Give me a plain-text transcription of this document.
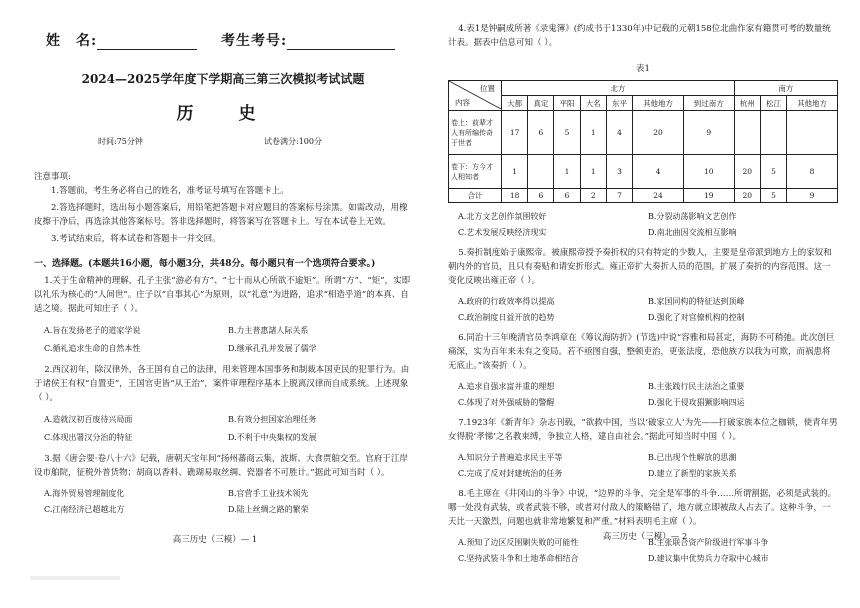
姓　名:	考生考号:
2024—2025学年度下学期高三第三次模拟考试试题
历　史
时间:75分钟	试卷满分:100分
注意事项:

1.答题前，考生务必将自己的姓名，准考证号填写在答题卡上。

2.答选择题时，选出每小题答案后，用铅笔把答题卡对应题目的答案标号涂黑。如需改动，用橡皮擦干净后，再选涂其他答案标号。答非选择题时，将答案写在答题卡上。写在本试卷上无效。

3.考试结束后，将本试卷和答题卡一并交回。

一、选择题。(本题共16小题，每小题3分，共48分。每小题只有一个选项符合要求。)
1.关于生命精神的理解，孔子主张“游必有方”、“七十而从心所欲不逾矩”。所谓“方”、“矩”，实即以礼乐为核心的“人间世”。庄子以“自事其心”为原则，以“礼意”为进路，追求“相造乎道”的本真、自适之境。据此可知庄子（ ）。
A.旨在发扬老子的道家学说	B.力主普惠諸人际关系
C.循礼追求生命的自然本性	D.继承孔孔并发展了儒学
2.西汉初年，除汉律外，各王国有自己的法律，用来管理本国事务和制裁本国吏民的犯罪行为。由于诸侯王有权“自置吏”，王国官吏皆“从王治”，案件审理程序基本上脱离汉律而自成系统。上述现象（ ）。
A.造就汉初百废待兴局面	B.有效分担国家治理任务
C.体现出署汉分治的特征	D.不利于中央集权的发展
3.据《唐会要·卷八十六》记载，唐朝天宝年间“扬州蕃商云集，波斯、大食贾舶交至。官府于江岸设市舶院，征税外普货物；胡商以香料、礁瑚易取丝绸、瓷器者不可胜计。”据此可知当时（ ）。
A.海外贸易管理制度化	B.官营手工业技术领先
C.江南经济已超越北方	D.陆上丝绸之路的繁荣
高三历史（三模）— 1
4.表1是钟嗣成所著《录鬼簿》(约成书于1330年)中记载的元朝158位北曲作家有籍贯可考的数量统计表。据表中信息可知（ ）。
表1
位置
内容	北方							南方		
	大都	真定	平阳	大名	东平	其他地方	到过南方	杭州	松江	其他地方
卷上：前辈才人有所编传奇于世者	17	6	5	1	4	20	9			
卷下：方今才人相知者	1		1	1	3	4	10	20	5	8
合计	18	6	6	2	7	24	19	20	5	9
A.北方文艺创作氛围较好	B.分裂动荡影响文艺创作
C.艺术发展反映经济现实	D.南北曲因交流相互影响
5.奏折制度始于康熙帝。被康熙帝授予奏折权的只有特定的少数人，主要是皇帝派到地方上的家奴和朝内外的官员，且只有奏贴和请安折形式。雍正帝扩大奏折人员的范围，扩展了奏折的内容范围。这一变化反映出雍正帝（ ）。
A.政府的行政效率得以提高	B.家国同构的特征达到顶峰
C.政治制度日益开放的趋势	D.强化了对官僚机构的控制
6.同治十三年晚清官员李鸿章在《筹议海防折》(节选)中说“容雅和局甚定，海防不可稍弛。此次创巨痛深，实为百年来未有之变局。若不亟图自强，整顿吏治，更张法度，恐他族方以我为可欺，而祸患将无底止。”该奏折（ ）。
A.追求自强求富并重的理想	B.主张践行民主法治之重要
C.体现了对外强威胁的警醒	D.强化于侵攻猖獗影响四运
7.1923年《新青年》杂志刊载，“欲救中国，当以‘破家立人’为先——打破家族本位之枷锁，使青年男女得脱‘孝悌’之名教束缚，争独立人格，建自由社会。”据此可知当时中国（ ）。
A.知识分子普遍追求民主平等	B.已出现个性解放的思潮
C.完成了反对封建统治的任务	D.建立了新型的家族关系
8.毛主席在《井冈山的斗争》中说，“边界的斗争，完全是军事的斗争……所谓割据，必须是武装的。哪一处没有武装，或者武装不够，或者对付敌人的策略错了，地方就立即被敌人占去了。这种斗争，一天比一天激烈，问题也就非常地繁复和严重。”材料表明毛主席（ ）。
A.预知了边区反围剿失败的可能性	B.主张联合资产阶级进行军事斗争
C.坚持武装斗争和土地革命相结合	D.建议集中优势兵力夺取中心城市
高三历史（三模）— 2
